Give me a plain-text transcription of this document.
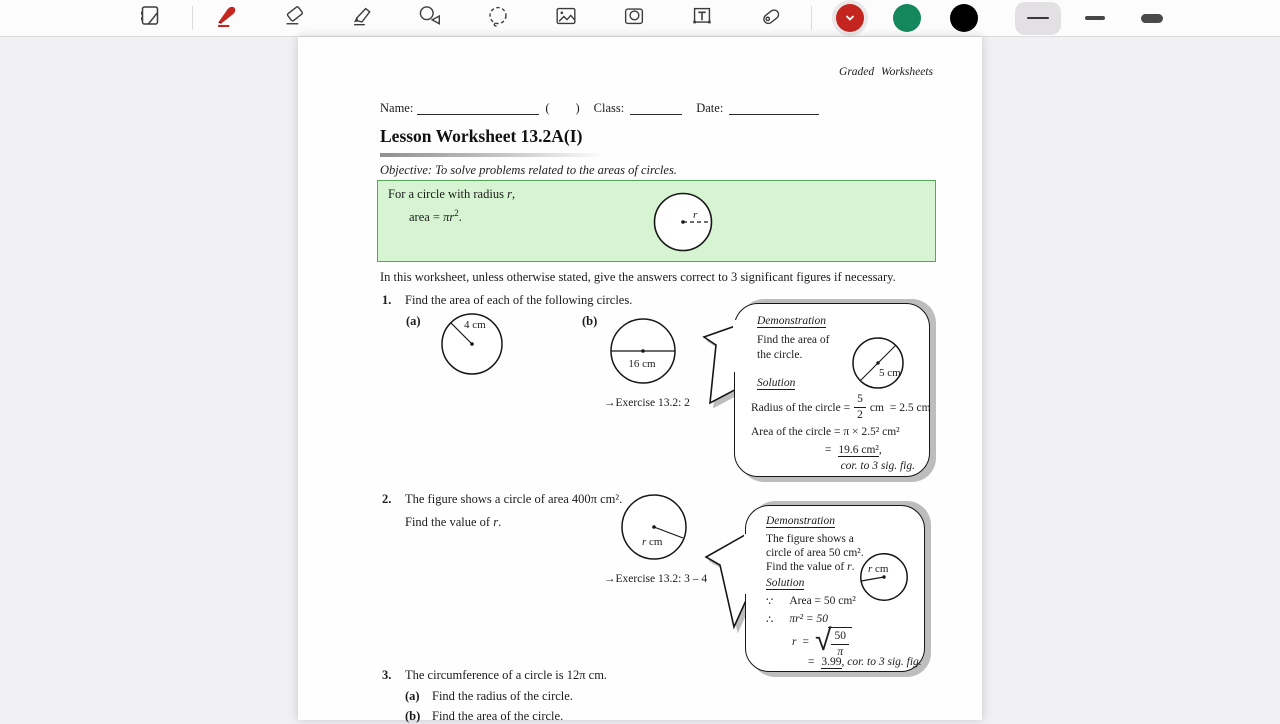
Graded Worksheets
Name:	( ) Class:	Date:
Lesson Worksheet 13.2A(I)
Objective: To solve problems related to the areas of circles.
For a circle with radius r,
area = $\pi r^2$.	r
In this worksheet, unless otherwise stated, give the answers correct to 3 significant figures if necessary.
1. Find the area of each of the following circles.
(a)	4 cm	(b)
16 cm
→Exercise 13.2: 2
Demonstration
Find the area of
the circle.
5 cm
Solution
Radius of the circle = $\frac{5}{2}$ cm = 2.5 cm
Area of the circle = π × 2.5² cm²
= 19.6 cm²,
cor. to 3 sig. fig.
2. The figure shows a circle of area 400π cm².
Find the value of r.
r cm
→Exercise 13.2: 3 – 4
Demonstration
The figure shows a
circle of area 50 cm².
Find the value of r. r cm
Solution
∵ Area = 50 cm²
∴ πr² = 50
r = √ $\frac{50}{\pi}$
= 3.99, cor. to 3 sig. fig.
3. The circumference of a circle is 12π cm.
(a) Find the radius of the circle.
(b) Find the area of the circle.
